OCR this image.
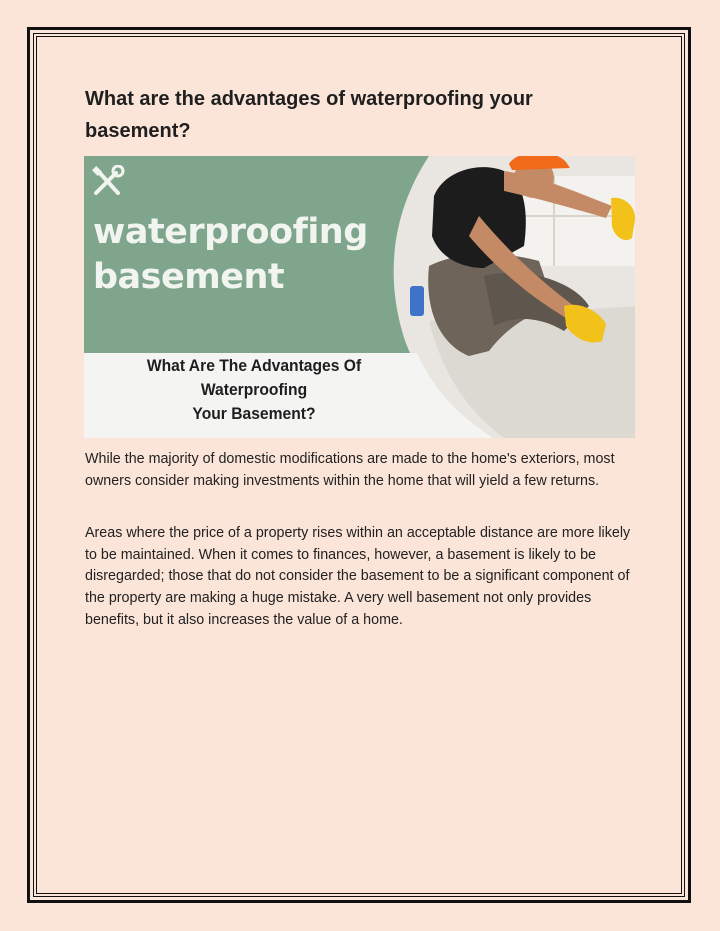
What are the advantages of waterproofing your basement?

waterproofing
basement

What Are The Advantages Of Waterproofing
Your Basement?

While the majority of domestic modifications are made to the home's exteriors, most owners consider making investments within the home that will yield a few returns.

Areas where the price of a property rises within an acceptable distance are more likely to be maintained. When it comes to finances, however, a basement is likely to be disregarded; those that do not consider the basement to be a significant component of the property are making a huge mistake. A very well basement not only provides benefits, but it also increases the value of a home.
